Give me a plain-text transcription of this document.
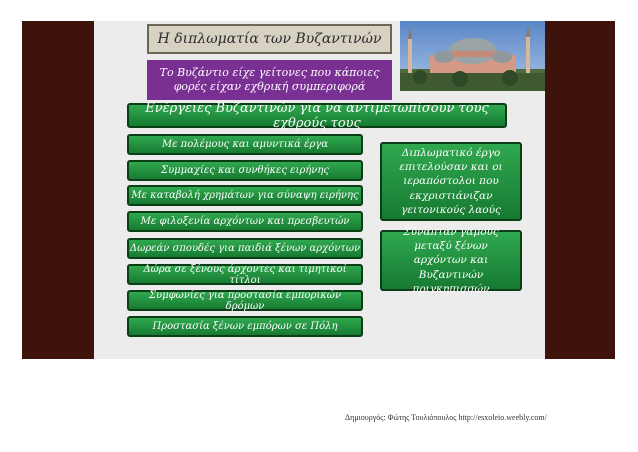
Η διπλωματία των Βυζαντινών
Το Βυζάντιο είχε γείτονες που κάποιες φορές είχαν εχθρική συμπεριφορά
Ενέργειες Βυζαντινών για να αντιμετωπίσουν τους εχθρούς τους
Με πολέμους και αμυντικά έργα
Συμμαχίες και συνθήκες ειρήνης
Με καταβολή χρημάτων για σύναψη ειρήνης
Με φιλοξενία αρχόντων και πρεσβευτών
Δωρεάν σπουδές για παιδιά ξένων αρχόντων
Δώρα σε ξένους άρχοντες και τιμητικοί τίτλοι
Συμφωνίες για προστασία εμπορικών δρόμων
Προστασία ξένων εμπόρων σε Πόλη
Διπλωματικό έργο επιτελούσαν και οι ιεραπόστολοι που εκχριστιάνιζαν γειτονικούς λαούς
Σύναπταν γάμους μεταξύ ξένων αρχόντων και Βυζαντινών πριγκηπισσών
Δημιουργός: Φώτης Τουλιόπουλος http://esxoleio.weebly.com/
